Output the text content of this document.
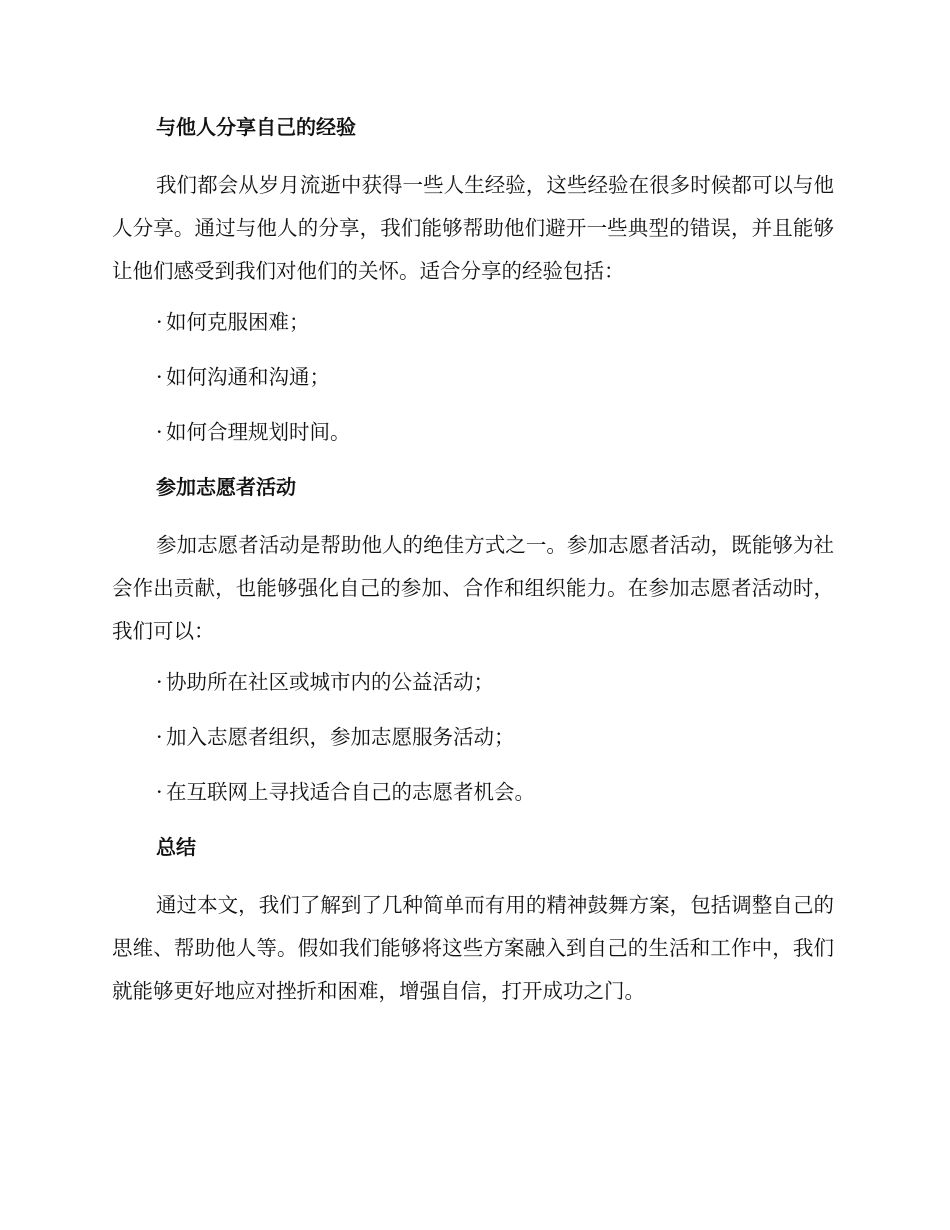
与他人分享自己的经验

我们都会从岁月流逝中获得一些人生经验，这些经验在很多时候都可以与他人分享。通过与他人的分享，我们能够帮助他们避开一些典型的错误，并且能够让他们感受到我们对他们的关怀。适合分享的经验包括：

· 如何克服困难；
· 如何沟通和沟通；
· 如何合理规划时间。
参加志愿者活动

参加志愿者活动是帮助他人的绝佳方式之一。参加志愿者活动，既能够为社会作出贡献，也能够强化自己的参加、合作和组织能力。在参加志愿者活动时，我们可以：

· 协助所在社区或城市内的公益活动；
· 加入志愿者组织，参加志愿服务活动；
· 在互联网上寻找适合自己的志愿者机会。
总结

通过本文，我们了解到了几种简单而有用的精神鼓舞方案，包括调整自己的思维、帮助他人等。假如我们能够将这些方案融入到自己的生活和工作中，我们就能够更好地应对挫折和困难，增强自信，打开成功之门。
